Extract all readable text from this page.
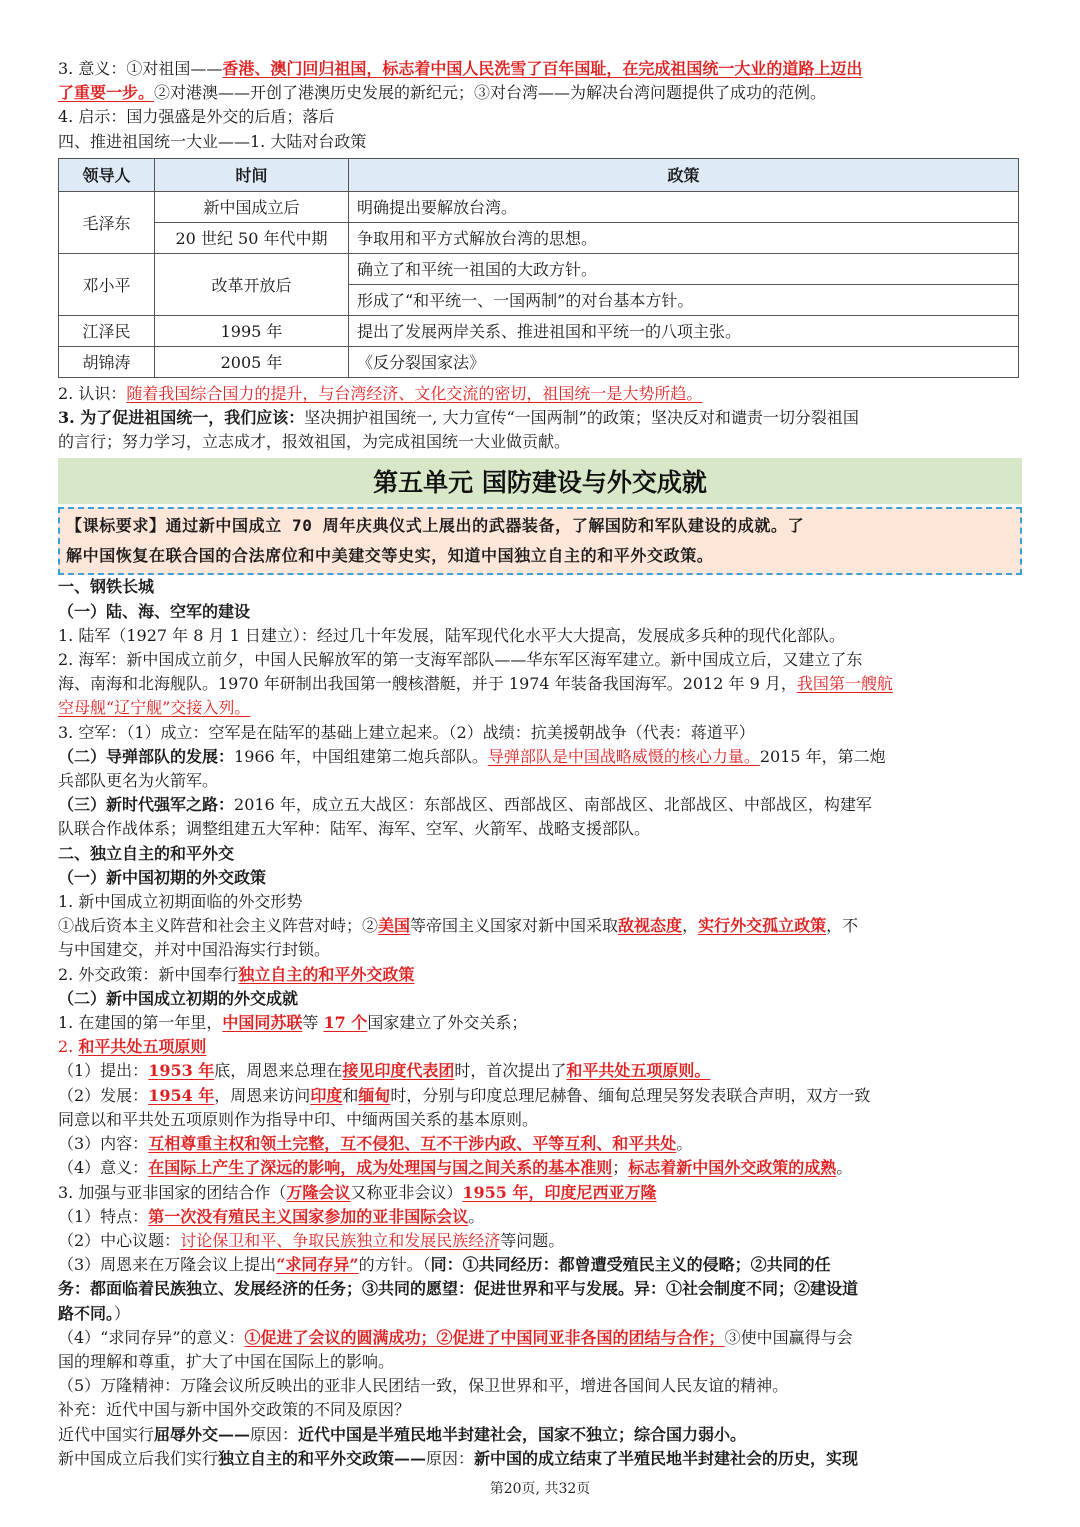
3. 意义：①对祖国——香港、澳门回归祖国，标志着中国人民洗雪了百年国耻，在完成祖国统一大业的道路上迈出

了重要一步。②对港澳——开创了港澳历史发展的新纪元；③对台湾——为解决台湾问题提供了成功的范例。

4. 启示：国力强盛是外交的后盾；落后

四、推进祖国统一大业——1. 大陆对台政策

领导人	时间	政策
毛泽东	新中国成立后	明确提出要解放台湾。
	20 世纪 50 年代中期	争取用和平方式解放台湾的思想。
邓小平	改革开放后	确立了和平统一祖国的大政方针。
		形成了“和平统一、一国两制”的对台基本方针。
江泽民	1995 年	提出了发展两岸关系、推进祖国和平统一的八项主张。
胡锦涛	2005 年	《反分裂国家法》

2. 认识：随着我国综合国力的提升，与台湾经济、文化交流的密切，祖国统一是大势所趋。

3. 为了促进祖国统一，我们应该：坚决拥护祖国统一, 大力宣传“一国两制”的政策；坚决反对和谴责一切分裂祖国

的言行；努力学习，立志成才，报效祖国，为完成祖国统一大业做贡献。

第五单元 国防建设与外交成就
【课标要求】通过新中国成立 70 周年庆典仪式上展出的武器装备，了解国防和军队建设的成就。了
解中国恢复在联合国的合法席位和中美建交等史实，知道中国独立自主的和平外交政策。

一、钢铁长城

（一）陆、海、空军的建设

1. 陆军（1927 年 8 月 1 日建立）：经过几十年发展，陆军现代化水平大大提高，发展成多兵种的现代化部队。

2. 海军：新中国成立前夕，中国人民解放军的第一支海军部队——华东军区海军建立。新中国成立后，又建立了东

海、南海和北海舰队。1970 年研制出我国第一艘核潜艇，并于 1974 年装备我国海军。2012 年 9 月，我国第一艘航

空母舰“辽宁舰”交接入列。

3. 空军：（1）成立：空军是在陆军的基础上建立起来。（2）战绩：抗美援朝战争（代表：蒋道平）

（二）导弹部队的发展：1966 年，中国组建第二炮兵部队。导弹部队是中国战略威慑的核心力量。2015 年，第二炮

兵部队更名为火箭军。

（三）新时代强军之路：2016 年，成立五大战区：东部战区、西部战区、南部战区、北部战区、中部战区，构建军

队联合作战体系；调整组建五大军种：陆军、海军、空军、火箭军、战略支援部队。

二、独立自主的和平外交

（一）新中国初期的外交政策

1. 新中国成立初期面临的外交形势

①战后资本主义阵营和社会主义阵营对峙；②美国等帝国主义国家对新中国采取敌视态度，实行外交孤立政策，不

与中国建交，并对中国沿海实行封锁。

2. 外交政策：新中国奉行独立自主的和平外交政策

（二）新中国成立初期的外交成就

1. 在建国的第一年里，中国同苏联等 17 个国家建立了外交关系；

2. 和平共处五项原则

（1）提出：1953 年底，周恩来总理在接见印度代表团时，首次提出了和平共处五项原则。

（2）发展：1954 年，周恩来访问印度和缅甸时，分别与印度总理尼赫鲁、缅甸总理吴努发表联合声明，双方一致

同意以和平共处五项原则作为指导中印、中缅两国关系的基本原则。

（3）内容：互相尊重主权和领土完整，互不侵犯、互不干涉内政、平等互利、和平共处。

（4）意义：在国际上产生了深远的影响，成为处理国与国之间关系的基本准则；标志着新中国外交政策的成熟。

3. 加强与亚非国家的团结合作（万隆会议又称亚非会议）1955 年，印度尼西亚万隆

（1）特点：第一次没有殖民主义国家参加的亚非国际会议。

（2）中心议题：讨论保卫和平、争取民族独立和发展民族经济等问题。

（3）周恩来在万隆会议上提出“求同存异”的方针。（同：①共同经历：都曾遭受殖民主义的侵略；②共同的任

务：都面临着民族独立、发展经济的任务；③共同的愿望：促进世界和平与发展。异：①社会制度不同；②建设道

路不同。）

（4）“求同存异”的意义：①促进了会议的圆满成功；②促进了中国同亚非各国的团结与合作；③使中国赢得与会

国的理解和尊重，扩大了中国在国际上的影响。

（5）万隆精神：万隆会议所反映出的亚非人民团结一致，保卫世界和平，增进各国间人民友谊的精神。

补充：近代中国与新中国外交政策的不同及原因？

近代中国实行屈辱外交——原因：近代中国是半殖民地半封建社会，国家不独立；综合国力弱小。

新中国成立后我们实行独立自主的和平外交政策——原因：新中国的成立结束了半殖民地半封建社会的历史，实现

第20页, 共32页
